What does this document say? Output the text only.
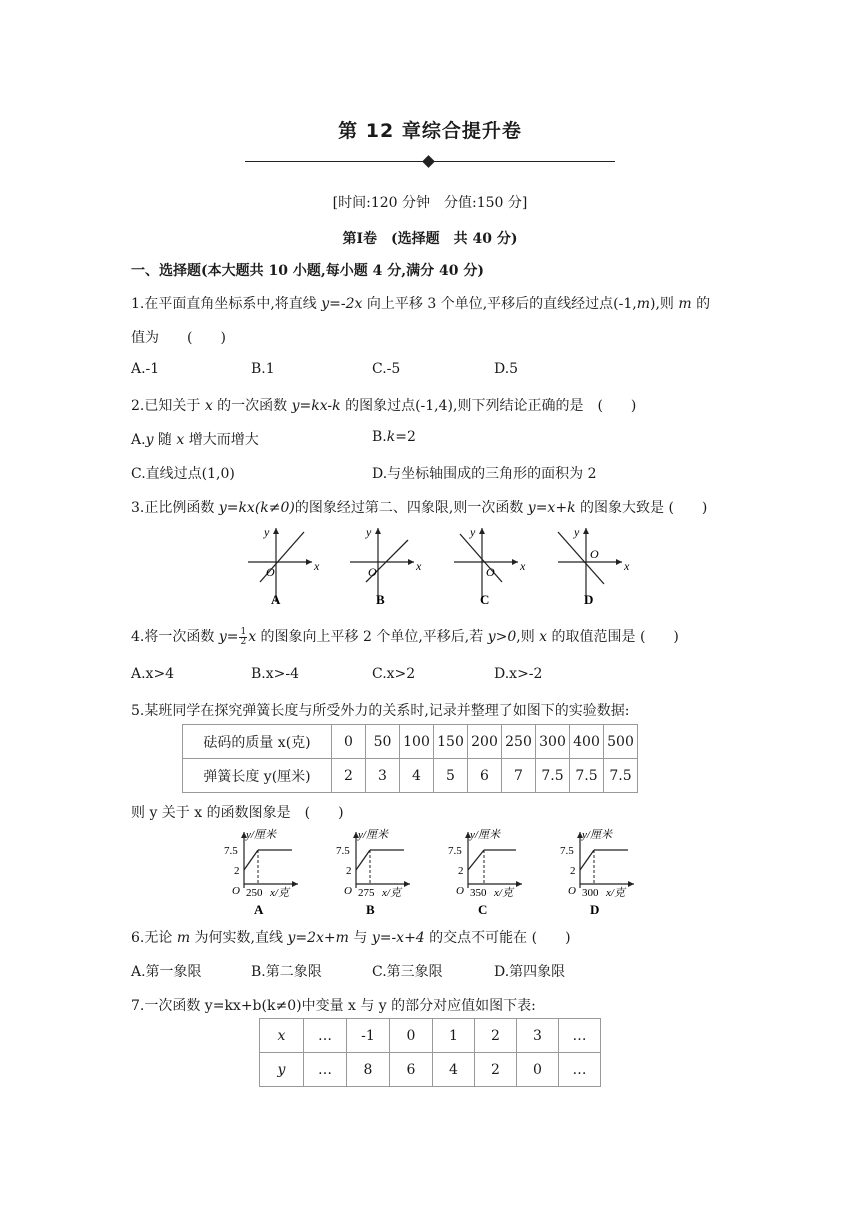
第 12 章综合提升卷
[时间:120 分钟　分值:150 分]
第Ⅰ卷　(选择题　共 40 分)
一、选择题(本大题共 10 小题,每小题 4 分,满分 40 分)
1.在平面直角坐标系中,将直线 y=-2x 向上平移 3 个单位,平移后的直线经过点(-1,m),则 m 的
值为　　(　　)
A.-1	B.1	C.-5	D.5
2.已知关于 x 的一次函数 y=kx-k 的图象过点(-1,4),则下列结论正确的是　(　　)
A.y 随 x 增大而增大	B.k=2
C.直线过点(1,0)	D.与坐标轴围成的三角形的面积为 2
3.正比例函数 y=kx(k≠0)的图象经过第二、四象限,则一次函数 y=x+k 的图象大致是 (　　)
y
x
O
A
y
x
O
B
y
x
O
C
y
x
O
D
4.将一次函数 $y= \frac{1}{2}$ x 的图象向上平移 2 个单位,平移后,若 y>0,则 x 的取值范围是 (　　)
A.x>4	B.x>-4	C.x>2	D.x>-2
5.某班同学在探究弹簧长度与所受外力的关系时,记录并整理了如图下的实验数据:
砝码的质量 x(克)	0	50	100	150	200	250	300	400	500
弹簧长度 y(厘米)	2	3	4	5	6	7	7.5	7.5	7.5
则 y 关于 x 的函数图象是　(　　)
y/厘米
7.5
2
O 250 x/克
A
y/厘米
7.5
2
O 275 x/克
B
y/厘米
7.5
2
O 350 x/克
C
y/厘米
7.5
2
O 300 x/克
D
6.无论 m 为何实数,直线 y=2x+m 与 y=-x+4 的交点不可能在 (　　)
A.第一象限	B.第二象限	C.第三象限	D.第四象限
7.一次函数 y=kx+b(k≠0)中变量 x 与 y 的部分对应值如图下表:
x	…	-1	0	1	2	3	…
y	…	8	6	4	2	0	…
